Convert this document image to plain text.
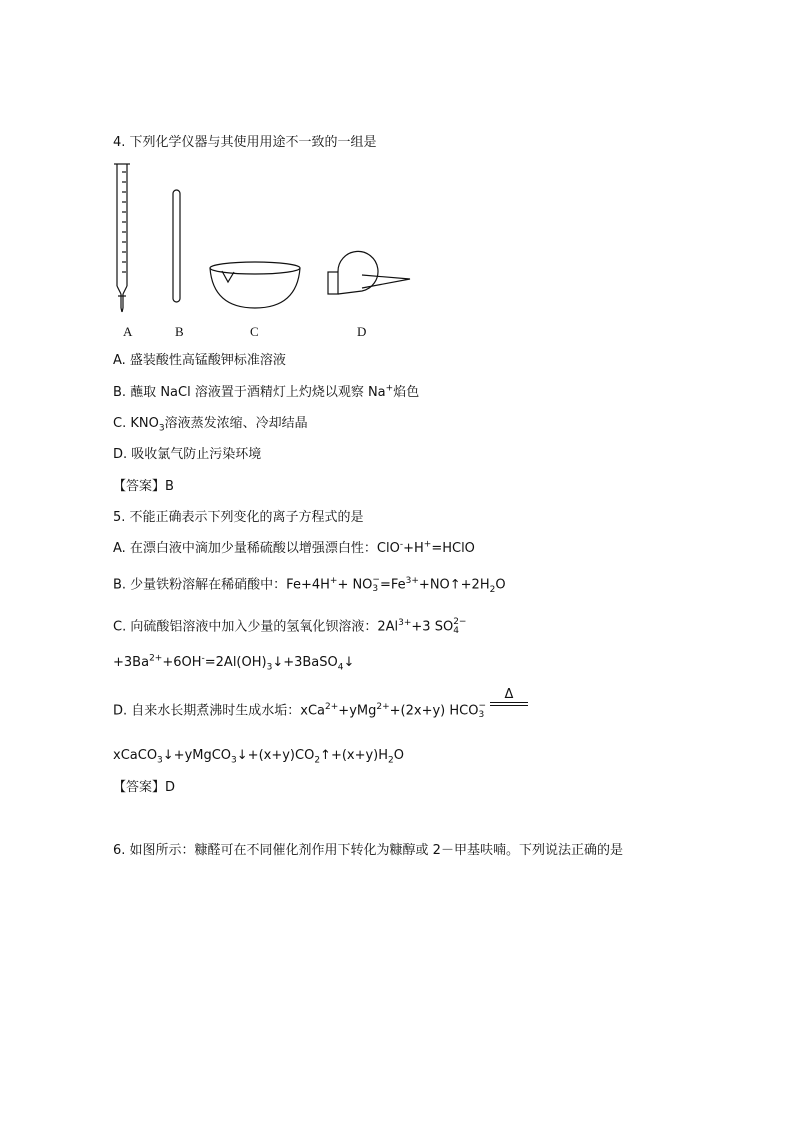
4. 下列化学仪器与其使用用途不一致的一组是
A	B	C	D
A. 盛装酸性高锰酸钾标准溶液
B. 蘸取 NaCl 溶液置于酒精灯上灼烧以观察 Na+焰色
C. $KNO_3$溶液蒸发浓缩、冷却结晶
D. 吸收氯气防止污染环境
【答案】B
5. 不能正确表示下列变化的离子方程式的是
A. 在漂白液中滴加少量稀硫酸以增强漂白性：ClO-+H+=HClO
B. 少量铁粉溶解在稀硝酸中：Fe+4H++ NO −
$3 =Fe^{3+}+NO↑+2H_2O$
C. 向硫酸铝溶液中加入少量的氢氧化钡溶液：$2Al^{3+}+3$ SO 2−
4
$+3Ba^{2+}+6OH^-=2Al(OH)_3↓+3BaSO_4↓$
D. 自来水长期煮沸时生成水垢：xCa$^{2+}$+yMg$^{2+}$+(2x+y) HCO −
3
Δ
$xCaCO_3↓+yMgCO_3↓+(x+y)CO_2↑+(x+y)H_2O$
【答案】D
6. 如图所示：糠醛可在不同催化剂作用下转化为糠醇或 2－甲基呋喃。下列说法正确的是
